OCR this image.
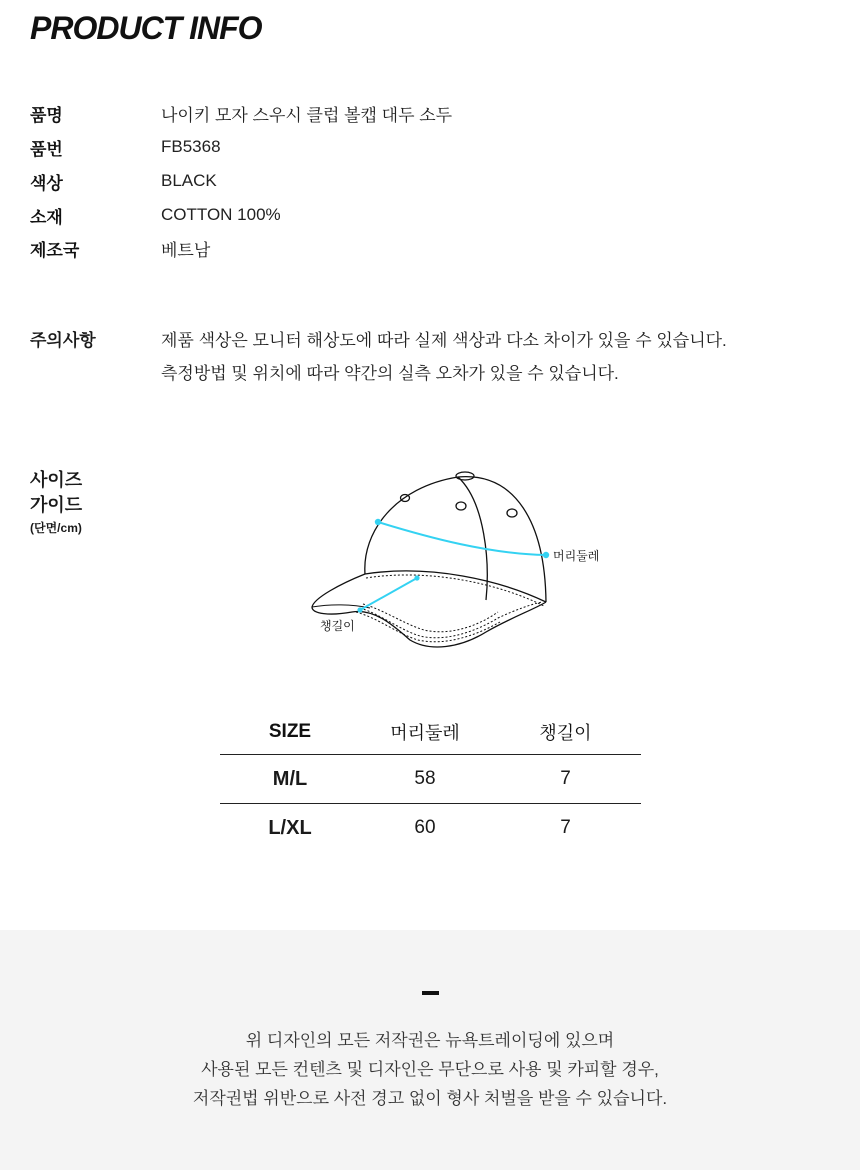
PRODUCT INFO
품명	나이키 모자 스우시 클럽 볼캡 대두 소두
품번	FB5368
색상	BLACK
소재	COTTON 100%
제조국	베트남
주의사항	제품 색상은 모니터 해상도에 따라 실제 색상과 다소 차이가 있을 수 있습니다.
측정방법 및 위치에 따라 약간의 실측 오차가 있을 수 있습니다.
사이즈
가이드
(단면/cm)
머리둘레
챙길이
SIZE	머리둘레	챙길이
M/L	58	7
L/XL	60	7
위 디자인의 모든 저작권은 뉴욕트레이딩에 있으며
사용된 모든 컨텐츠 및 디자인은 무단으로 사용 및 카피할 경우,
저작권법 위반으로 사전 경고 없이 형사 처벌을 받을 수 있습니다.
